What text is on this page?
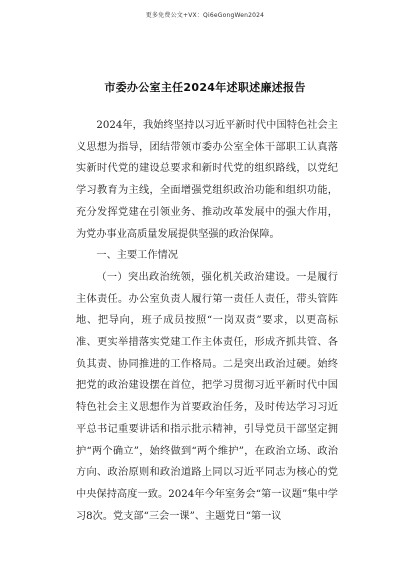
更多免费公文+VX：Qi6eGongWen2024
市委办公室主任2024年述职述廉述报告

2024年，我始终坚持以习近平新时代中国特色社会主义思想为指导，团结带领市委办公室全体干部职工认真落实新时代党的建设总要求和新时代党的组织路线，以党纪学习教育为主线，全面增强党组织政治功能和组织功能，充分发挥党建在引领业务、推动改革发展中的强大作用，为党办事业高质量发展提供坚强的政治保障。

一、主要工作情况

（一）突出政治统领，强化机关政治建设。一是履行主体责任。办公室负责人履行第一责任人责任，带头管阵地、把导向，班子成员按照“一岗双责”要求，以更高标准、更实举措落实党建工作主体责任，形成齐抓共管、各负其责、协同推进的工作格局。二是突出政治过硬。始终把党的政治建设摆在首位，把学习贯彻习近平新时代中国特色社会主义思想作为首要政治任务，及时传达学习习近平总书记重要讲话和指示批示精神，引导党员干部坚定拥护“两个确立”，始终做到“两个维护”，在政治立场、政治方向、政治原则和政治道路上同以习近平同志为核心的党中央保持高度一致。2024年今年室务会“第一议题”集中学习8次。党支部“三会一课”、主题党日“第一议
